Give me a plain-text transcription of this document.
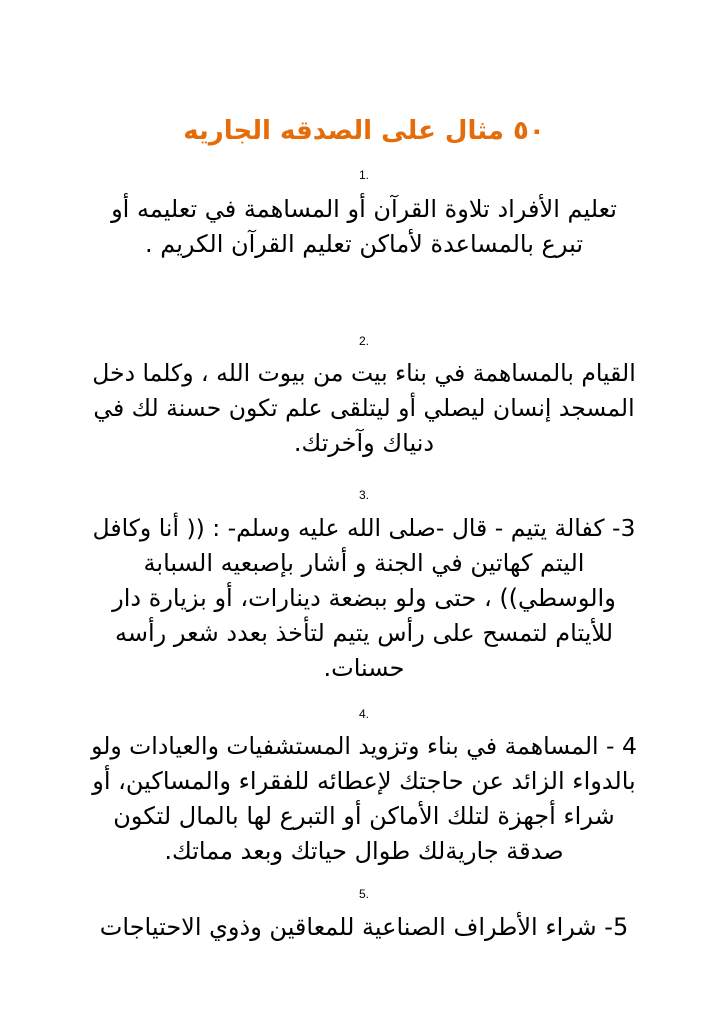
٥٠ مثال على الصدقه الجاريه
1.
تعليم الأفراد تلاوة القرآن أو المساهمة في تعليمه أو
تبرع بالمساعدة لأماكن تعليم القرآن الكريم .
2.
القيام بالمساهمة في بناء بيت من بيوت الله ، وكلما دخل
المسجد إنسان ليصلي أو ليتلقى علم تكون حسنة لك في
دنياك وآخرتك.
3.
3- كفالة يتيم - قال -صلى الله عليه وسلم- : (( أنا وكافل
اليتم كهاتين في الجنة و أشار بإصبعيه السبابة
والوسطي)) ، حتى ولو ببضعة دينارات، أو بزيارة دار
للأيتام لتمسح على رأس يتيم لتأخذ بعدد شعر رأسه
حسنات.
4.
4 - المساهمة في بناء وتزويد المستشفيات والعيادات ولو
بالدواء الزائد عن حاجتك لإعطائه للفقراء والمساكين، أو
شراء أجهزة لتلك الأماكن أو التبرع لها بالمال لتكون
صدقة جاريةلك طوال حياتك وبعد مماتك.
5.
5- شراء الأطراف الصناعية للمعاقين وذوي الاحتياجات
